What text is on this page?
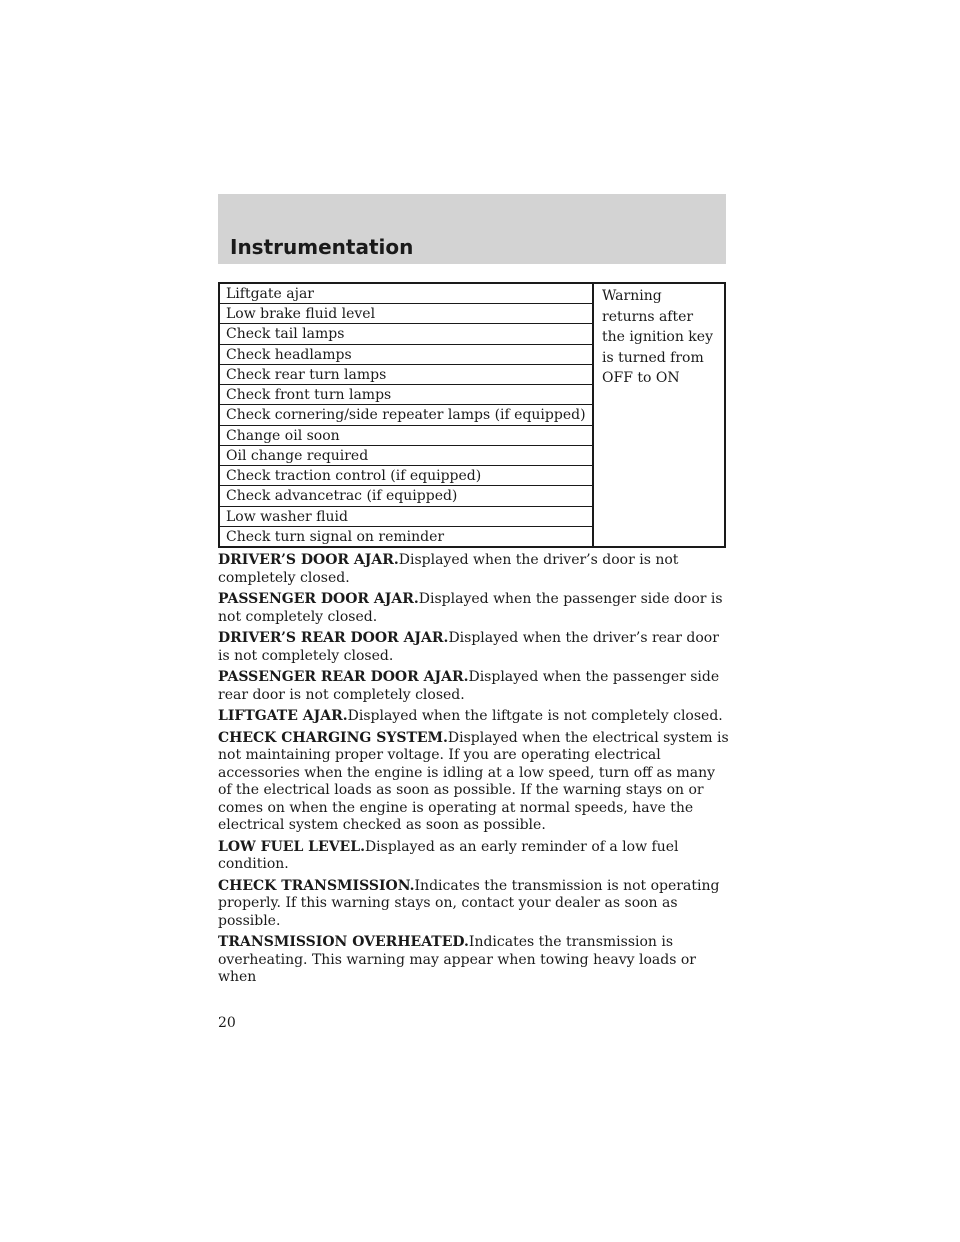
Instrumentation
Liftgate ajar
Low brake fluid level
Check tail lamps
Check headlamps
Check rear turn lamps
Check front turn lamps
Check cornering/side repeater lamps (if equipped)
Change oil soon
Oil change required
Check traction control (if equipped)
Check advancetrac (if equipped)
Low washer fluid
Check turn signal on reminder
Warning returns after the ignition key is turned from OFF to ON

DRIVER’S DOOR AJAR.Displayed when the driver’s door is not completely closed.

PASSENGER DOOR AJAR.Displayed when the passenger side door is not completely closed.

DRIVER’S REAR DOOR AJAR.Displayed when the driver’s rear door is not completely closed.

PASSENGER REAR DOOR AJAR.Displayed when the passenger side rear door is not completely closed.

LIFTGATE AJAR.Displayed when the liftgate is not completely closed.

CHECK CHARGING SYSTEM.Displayed when the electrical system is not maintaining proper voltage. If you are operating electrical accessories when the engine is idling at a low speed, turn off as many of the electrical loads as soon as possible. If the warning stays on or comes on when the engine is operating at normal speeds, have the electrical system checked as soon as possible.

LOW FUEL LEVEL.Displayed as an early reminder of a low fuel condition.

CHECK TRANSMISSION.Indicates the transmission is not operating properly. If this warning stays on, contact your dealer as soon as possible.

TRANSMISSION OVERHEATED.Indicates the transmission is overheating. This warning may appear when towing heavy loads or when

20
